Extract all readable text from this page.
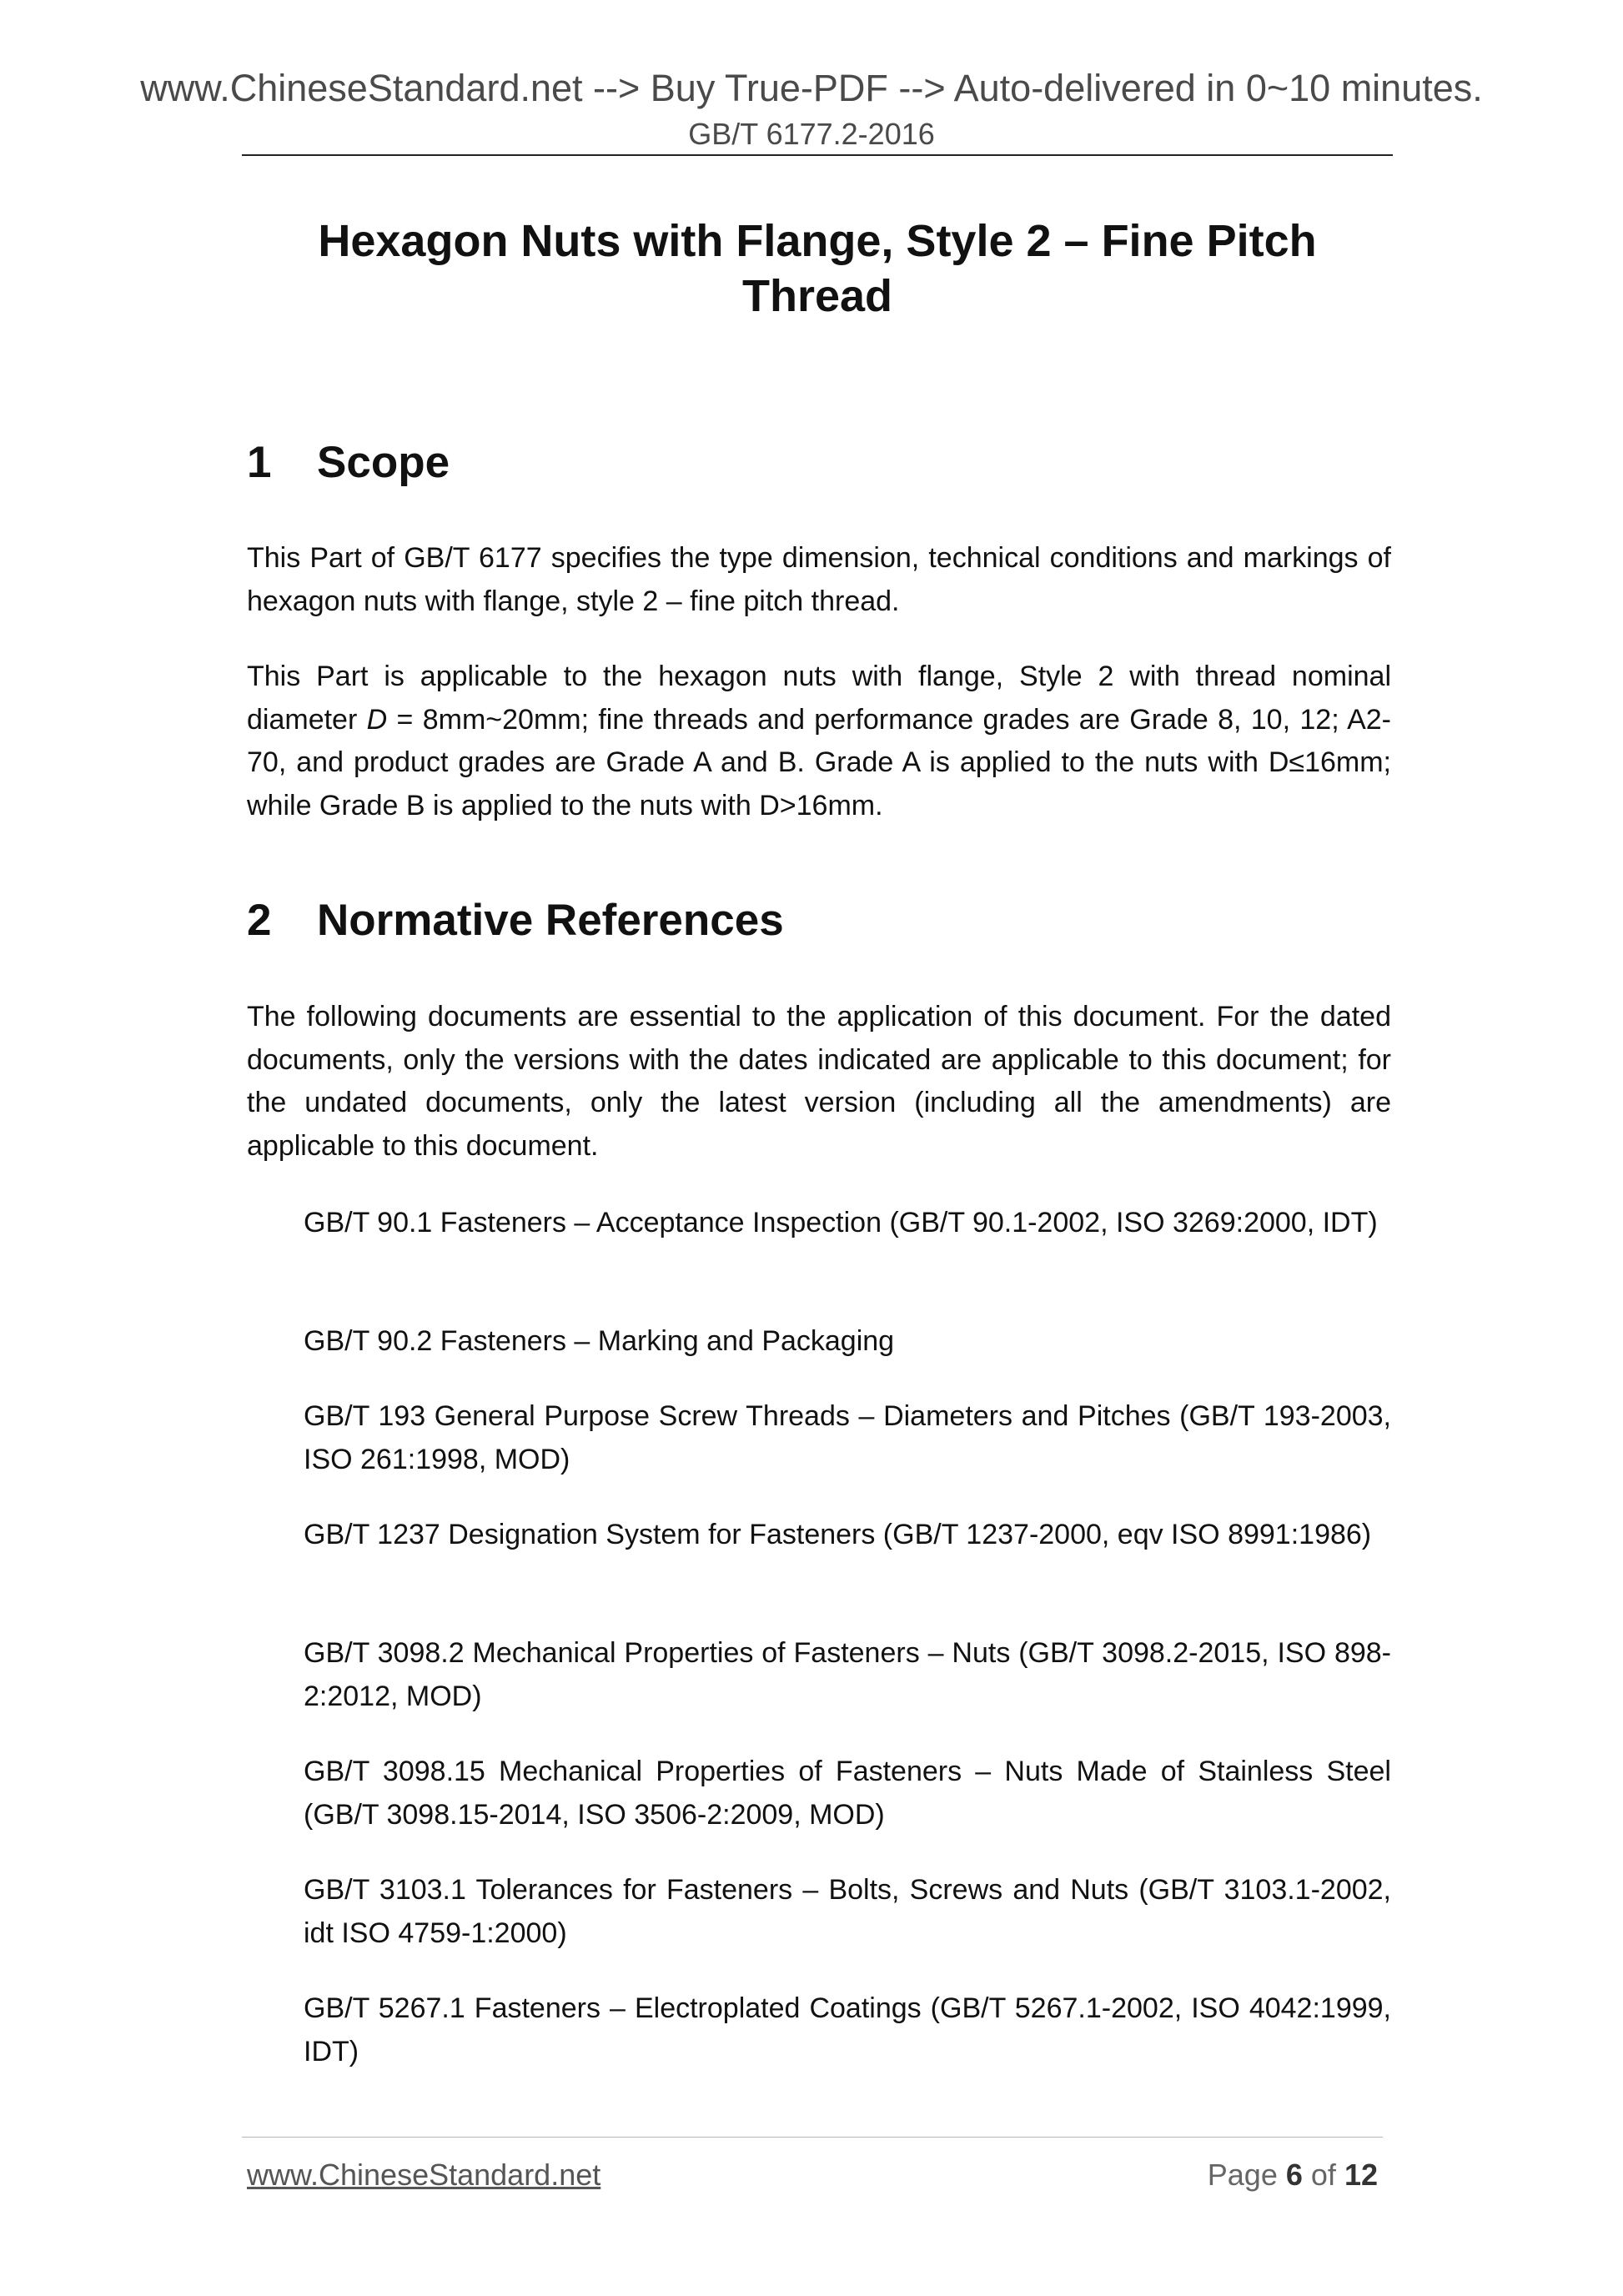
www.ChineseStandard.net --> Buy True-PDF --> Auto-delivered in 0~10 minutes.
GB/T 6177.2-2016
Hexagon Nuts with Flange, Style 2 – Fine Pitch Thread
1 Scope
This Part of GB/T 6177 specifies the type dimension, technical conditions and markings of hexagon nuts with flange, style 2 – fine pitch thread.
This Part is applicable to the hexagon nuts with flange, Style 2 with thread nominal diameter D = 8mm~20mm; fine threads and performance grades are Grade 8, 10, 12; A2-70, and product grades are Grade A and B. Grade A is applied to the nuts with D≤16mm; while Grade B is applied to the nuts with D>16mm.
2 Normative References
The following documents are essential to the application of this document. For the dated documents, only the versions with the dates indicated are applicable to this document; for the undated documents, only the latest version (including all the amendments) are applicable to this document.
GB/T 90.1 Fasteners – Acceptance Inspection (GB/T 90.1-2002, ISO 3269:2000, IDT)
GB/T 90.2 Fasteners – Marking and Packaging
GB/T 193 General Purpose Screw Threads – Diameters and Pitches (GB/T 193-2003, ISO 261:1998, MOD)
GB/T 1237 Designation System for Fasteners (GB/T 1237-2000, eqv ISO 8991:1986)
GB/T 3098.2 Mechanical Properties of Fasteners – Nuts (GB/T 3098.2-2015, ISO 898-2:2012, MOD)
GB/T 3098.15 Mechanical Properties of Fasteners – Nuts Made of Stainless Steel (GB/T 3098.15-2014, ISO 3506-2:2009, MOD)
GB/T 3103.1 Tolerances for Fasteners – Bolts, Screws and Nuts (GB/T 3103.1-2002, idt ISO 4759-1:2000)
GB/T 5267.1 Fasteners – Electroplated Coatings (GB/T 5267.1-2002, ISO 4042:1999, IDT)
www.ChineseStandard.net	Page 6 of 12
